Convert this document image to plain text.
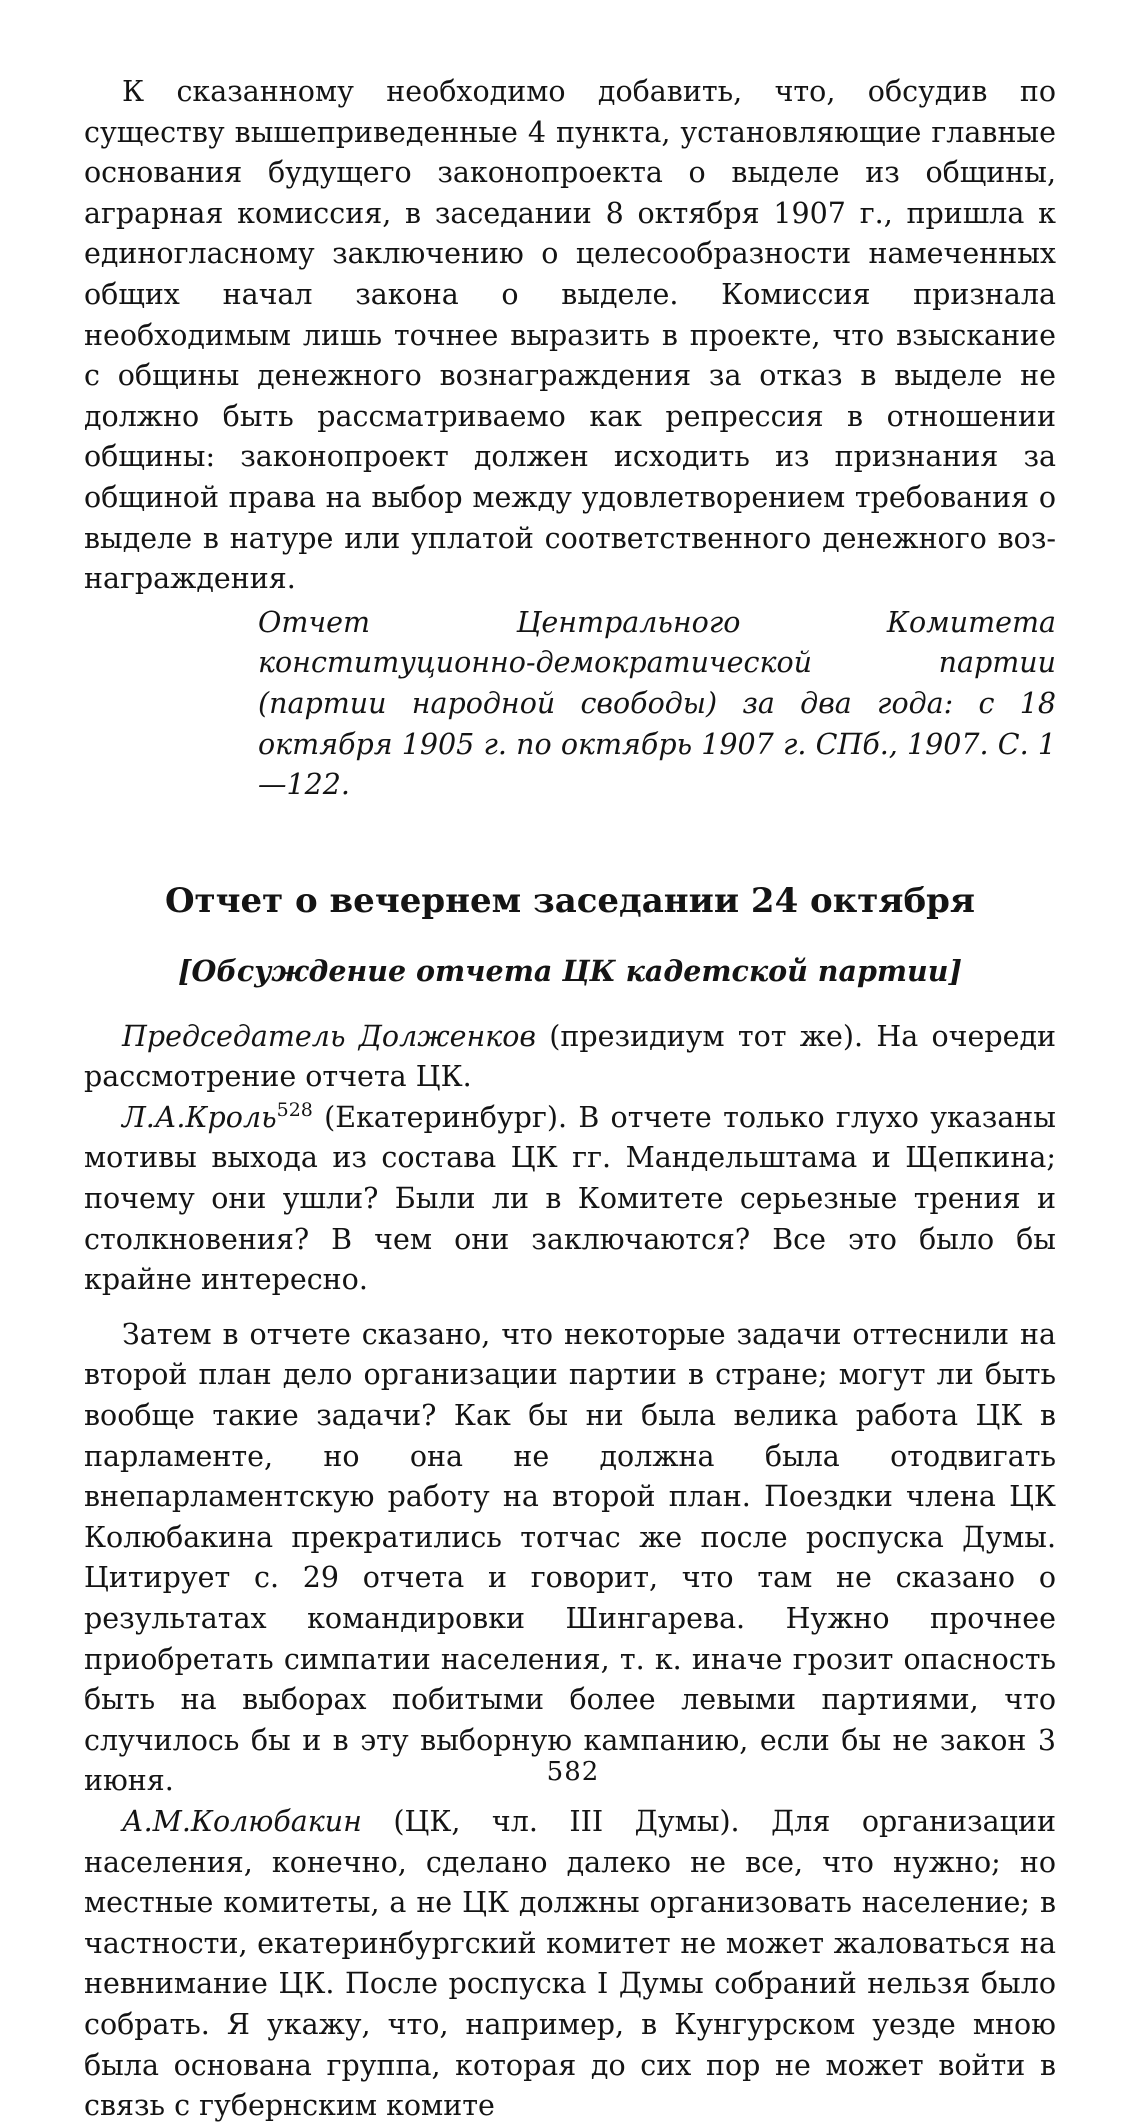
К сказанному необходимо добавить, что, обсудив по существу вышеприведенные 4 пункта, установляющие главные основания будущего законопроекта о выделе из общины, аграрная комиссия, в заседании 8 октября 1907 г., пришла к единогласному заключению о целесообразности намеченных общих начал закона о выделе. Комиссия признала необходимым лишь точнее выразить в проекте, что взыскание с общины денежного вознаграждения за отказ в выделе не должно быть рассматриваемо как репрессия в отношении общины: законопроект должен исходить из признания за общиной права на выбор между удовлетворением требования о выделе в натуре или уплатой соответственного денежного вознаграждения.

Отчет Центрального Комитета конституционно-демократической партии (партии народной свободы) за два года: с 18 октября 1905 г. по октябрь 1907 г. СПб., 1907. С. 1—122.
Отчет о вечернем заседании 24 октября
[Обсуждение отчета ЦК кадетской партии]

Председатель Долженков (президиум тот же). На очереди рассмотрение отчета ЦК.

Л.А.Кроль$^{528}$ (Екатеринбург). В отчете только глухо указаны мотивы выхода из состава ЦК гг. Мандельштама и Щепкина; почему они ушли? Были ли в Комитете серьезные трения и столкновения? В чем они заключаются? Все это было бы крайне интересно.

Затем в отчете сказано, что некоторые задачи оттеснили на второй план дело организации партии в стране; могут ли быть вообще такие задачи? Как бы ни была велика работа ЦК в парламенте, но она не должна была отодвигать внепарламентскую работу на второй план. Поездки члена ЦК Колюбакина прекратились тотчас же после роспуска Думы. Цитирует с. 29 отчета и говорит, что там не сказано о результатах командировки Шингарева. Нужно прочнее приобретать симпатии населения, т. к. иначе грозит опасность быть на выборах побитыми более левыми партиями, что случилось бы и в эту выборную кампанию, если бы не закон 3 июня.

А.М.Колюбакин (ЦК, чл. III Думы). Для организации населения, конечно, сделано далеко не все, что нужно; но местные комитеты, а не ЦК должны организовать население; в частности, екатеринбургский комитет не может жаловаться на невнимание ЦК. После роспуска I Думы собраний нельзя было собрать. Я укажу, что, например, в Кунгурском уезде мною была основана группа, которая до сих пор не может войти в связь с губернским комите

582
